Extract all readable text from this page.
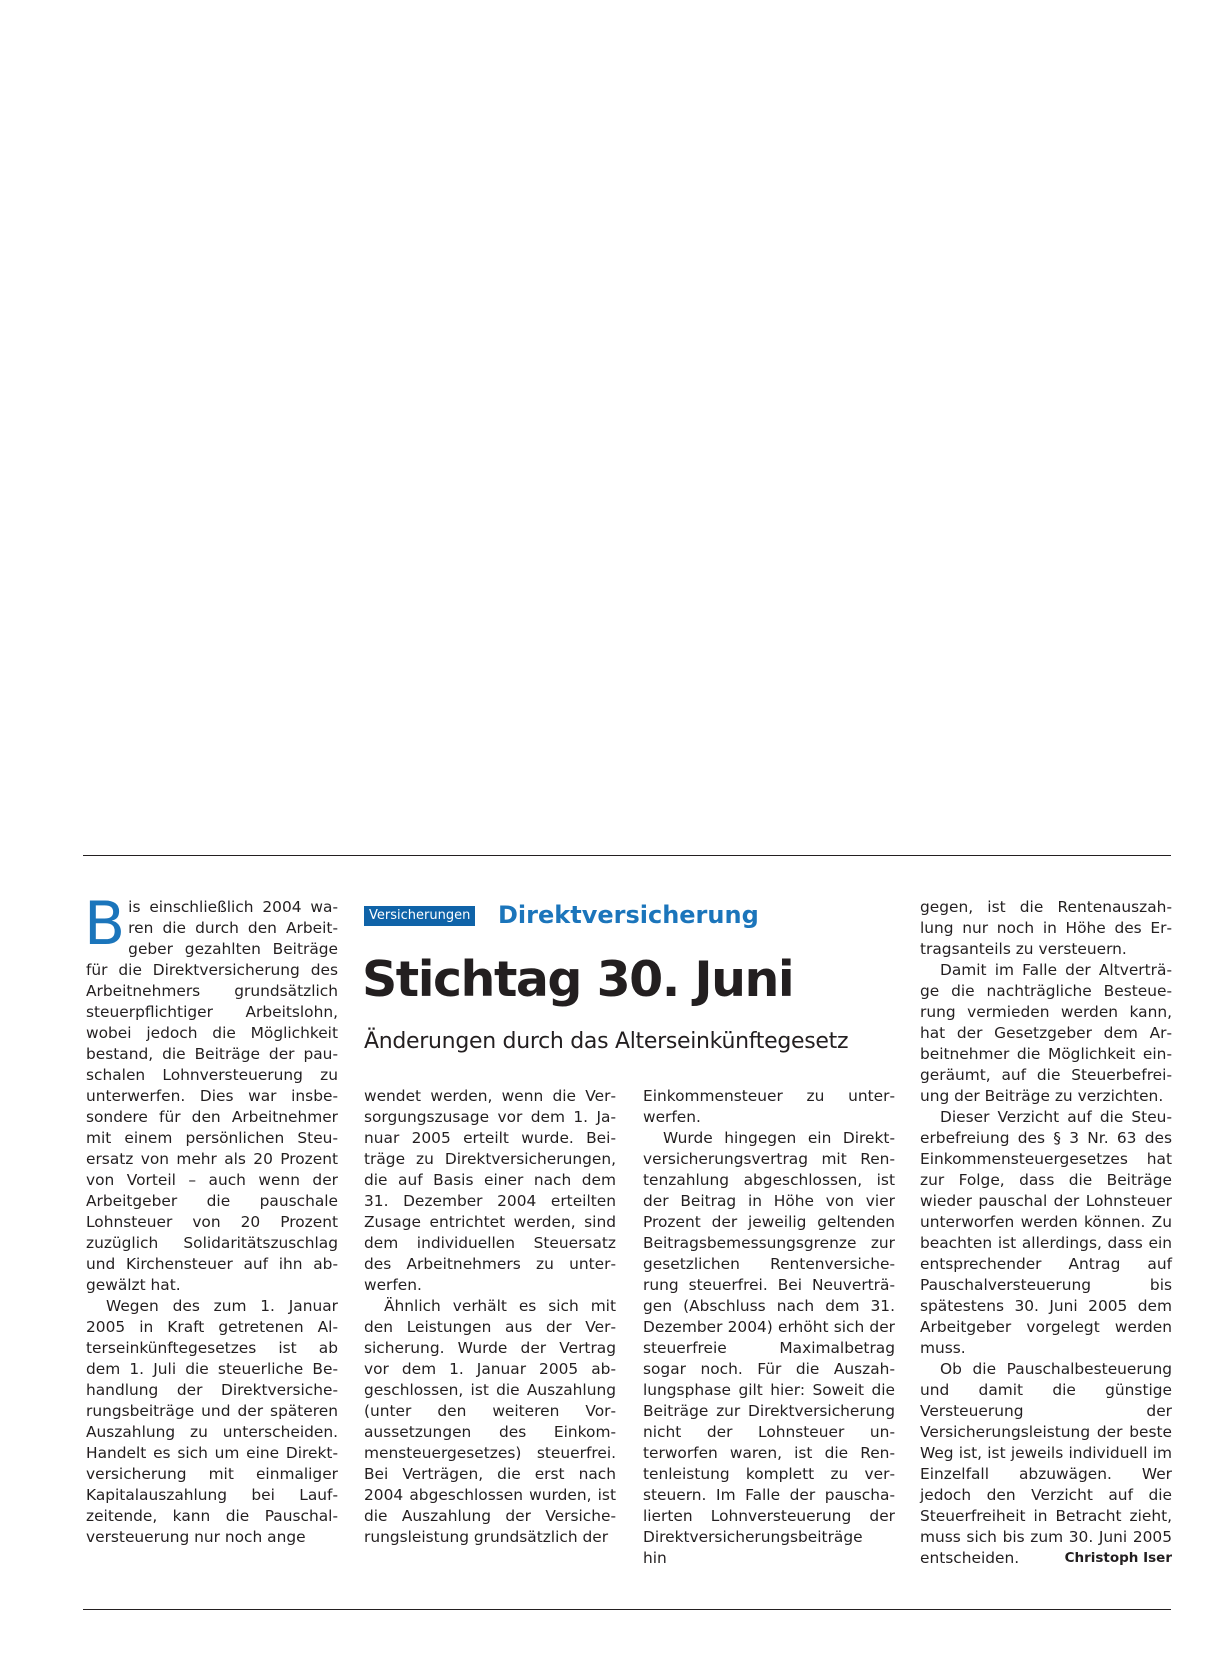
Bis einschließlich 2004 waren die durch den Arbeitgeber gezahlten Beiträge für die Direktversicherung des Arbeitnehmers grundsätzlich steuerpflichtiger Arbeitslohn, wobei jedoch die Möglichkeit bestand, die Beiträge der pauschalen Lohnversteuerung zu unterwerfen. Dies war insbesondere für den Arbeitnehmer mit einem persönlichen Steuersatz von mehr als 20 Prozent von Vorteil – auch wenn der Arbeitgeber die pauschale Lohnsteuer von 20 Prozent zuzüglich Solidaritätszuschlag und Kirchensteuer auf ihn abgewälzt hat.

Wegen des zum 1. Januar 2005 in Kraft getretenen Alterseinkünftegesetzes ist ab dem 1. Juli die steuerliche Behandlung der Direktversicherungsbeiträge und der späteren Auszahlung zu unterscheiden. Handelt es sich um eine Direktversicherung mit einmaliger Kapitalauszahlung bei Laufzeitende, kann die Pauschalversteuerung nur noch ange

Versicherungen Direktversicherung
Stichtag 30. Juni
Änderungen durch das Alterseinkünftegesetz

wendet werden, wenn die Versorgungszusage vor dem 1. Januar 2005 erteilt wurde. Beiträge zu Direktversicherungen, die auf Basis einer nach dem 31. Dezember 2004 erteilten Zusage entrichtet werden, sind dem individuellen Steuersatz des Arbeitnehmers zu unterwerfen.

Ähnlich verhält es sich mit den Leistungen aus der Versicherung. Wurde der Vertrag vor dem 1. Januar 2005 abgeschlossen, ist die Auszahlung (unter den weiteren Voraussetzungen des Einkommensteuergesetzes) steuerfrei. Bei Verträgen, die erst nach 2004 abgeschlossen wurden, ist die Auszahlung der Versicherungsleistung grundsätzlich der

Einkommensteuer zu unterwerfen.

Wurde hingegen ein Direktversicherungsvertrag mit Rentenzahlung abgeschlossen, ist der Beitrag in Höhe von vier Prozent der jeweilig geltenden Beitragsbemessungsgrenze zur gesetzlichen Rentenversicherung steuerfrei. Bei Neuverträgen (Abschluss nach dem 31. Dezember 2004) erhöht sich der steuerfreie Maximalbetrag sogar noch. Für die Auszahlungsphase gilt hier: Soweit die Beiträge zur Direktversicherung nicht der Lohnsteuer unterworfen waren, ist die Rentenleistung komplett zu versteuern. Im Falle der pauschalierten Lohnversteuerung der Direktversicherungsbeiträge hin

gegen, ist die Rentenauszahlung nur noch in Höhe des Ertragsanteils zu versteuern.

Damit im Falle der Altverträge die nachträgliche Besteuerung vermieden werden kann, hat der Gesetzgeber dem Arbeitnehmer die Möglichkeit eingeräumt, auf die Steuerbefreiung der Beiträge zu verzichten.

Dieser Verzicht auf die Steuerbefreiung des § 3 Nr. 63 des Einkommensteuergesetzes hat zur Folge, dass die Beiträge wieder pauschal der Lohnsteuer unterworfen werden können. Zu beachten ist allerdings, dass ein entsprechender Antrag auf Pauschalversteuerung bis spätestens 30. Juni 2005 dem Arbeitgeber vorgelegt werden muss.

Ob die Pauschalbesteuerung und damit die günstige Versteuerung der Versicherungsleistung der beste Weg ist, ist jeweils individuell im Einzelfall abzuwägen. Wer jedoch den Verzicht auf die Steuerfreiheit in Betracht zieht, muss sich bis zum 30. Juni 2005 entscheiden.	Christoph Iser
